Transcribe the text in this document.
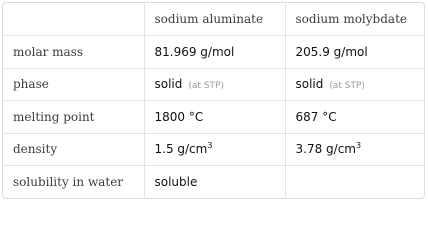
	sodium aluminate	sodium molybdate
molar mass	81.969 g/mol	205.9 g/mol
phase	solid (at STP)	solid (at STP)
melting point	1800 °C	687 °C
density	1.5 $g/cm^3$	3.78 $g/cm^3$
solubility in water	soluble	
